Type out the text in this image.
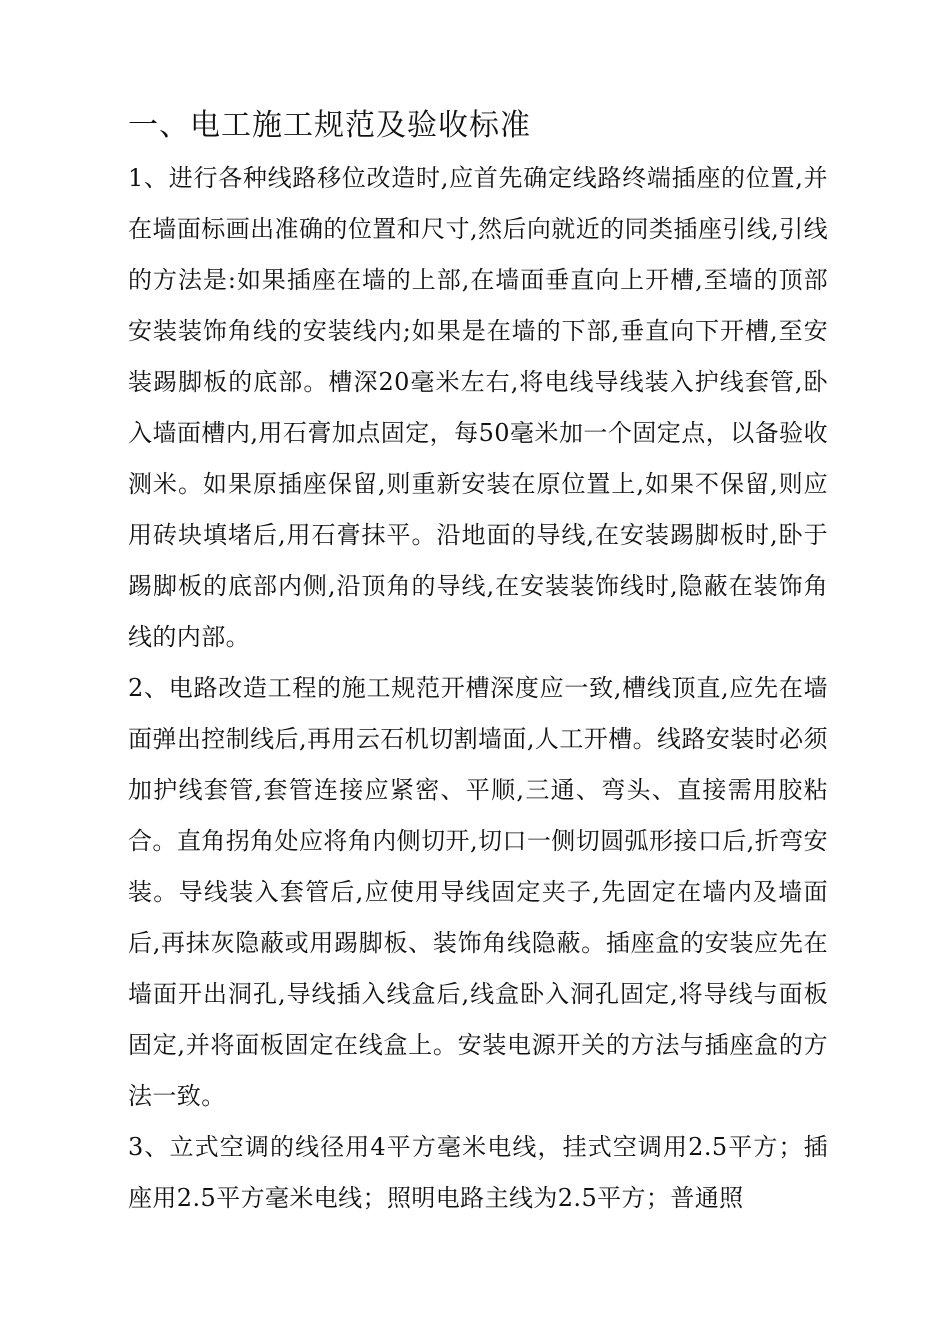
一、电工施工规范及验收标准

1、进行各种线路移位改造时,应首先确定线路终端插座的位置,并在墙面标画出准确的位置和尺寸,然后向就近的同类插座引线,引线的方法是:如果插座在墙的上部,在墙面垂直向上开槽,至墙的顶部安装装饰角线的安装线内;如果是在墙的下部,垂直向下开槽,至安装踢脚板的底部。槽深20毫米左右,将电线导线装入护线套管,卧入墙面槽内,用石膏加点固定，每50毫米加一个固定点，以备验收测米。如果原插座保留,则重新安装在原位置上,如果不保留,则应用砖块填堵后,用石膏抹平。沿地面的导线,在安装踢脚板时,卧于踢脚板的底部内侧,沿顶角的导线,在安装装饰线时,隐蔽在装饰角线的内部。

2、电路改造工程的施工规范开槽深度应一致,槽线顶直,应先在墙面弹出控制线后,再用云石机切割墙面,人工开槽。线路安装时必须加护线套管,套管连接应紧密、平顺,三通、弯头、直接需用胶粘合。直角拐角处应将角内侧切开,切口一侧切圆弧形接口后,折弯安装。导线装入套管后,应使用导线固定夹子,先固定在墙内及墙面后,再抹灰隐蔽或用踢脚板、装饰角线隐蔽。插座盒的安装应先在墙面开出洞孔,导线插入线盒后,线盒卧入洞孔固定,将导线与面板固定,并将面板固定在线盒上。安装电源开关的方法与插座盒的方法一致。

3、立式空调的线径用4平方毫米电线，挂式空调用2.5平方；插座用2.5平方毫米电线；照明电路主线为2.5平方；普通照
